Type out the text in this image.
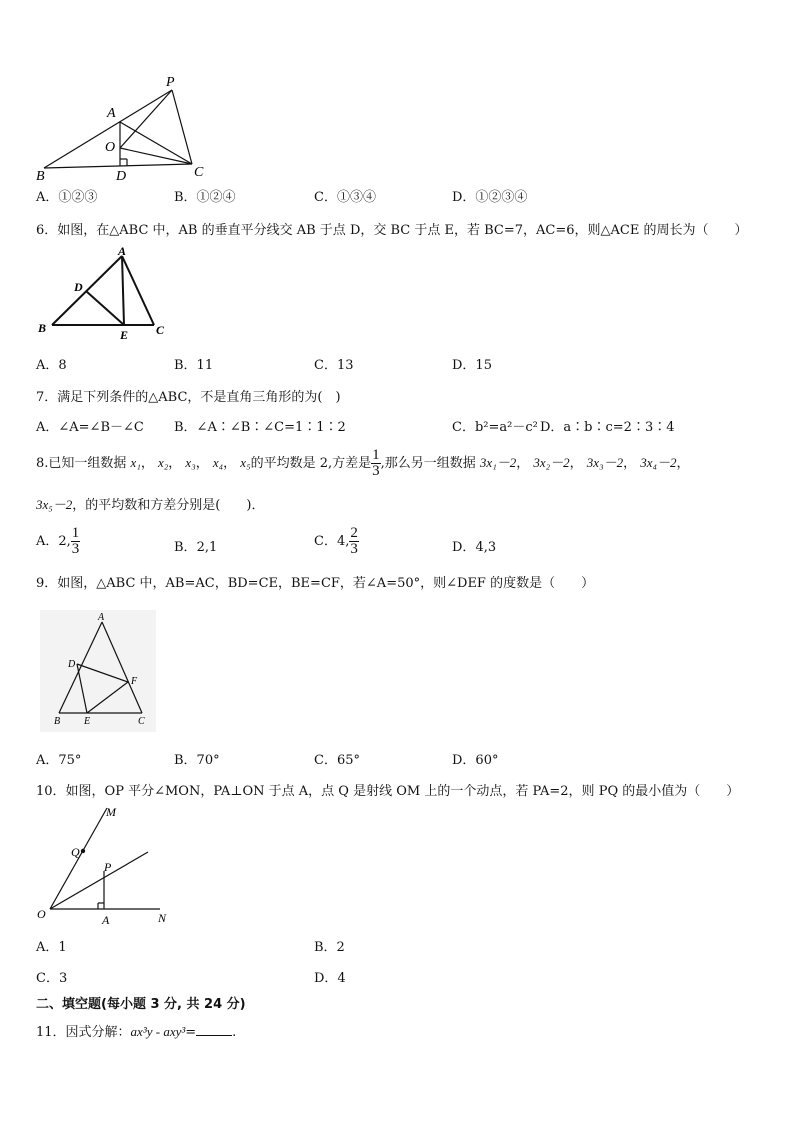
P
A
O
B	D	C
A．①②③	B．①②④	C．①③④	D．①②③④
6．如图，在△ABC 中，AB 的垂直平分线交 AB 于点 D，交 BC 于点 E，若 BC=7，AC=6，则△ACE 的周长为（　　）
A
D
B	E C
A．8	B．11	C．13	D．15
7．满足下列条件的△ABC，不是直角三角形的为(　)
A．∠A=∠B－∠C B．∠A∶∠B∶∠C=1∶1∶2	C．b²=a²－c² D．a∶b∶c=2∶3∶4
8.已知一组数据 x₁， x₂， x₃， x₄， x₅的平均数是 2,方差是 $\frac{1}{3}$ ,那么另一组数据 3x₁－2， 3x₂－2， 3x₃－2， 3x₄－2，
3x₅－2，的平均数和方差分别是(　　)．
A．2, $\frac{1}{3}$	B．2,1	C．4, $\frac{2}{3}$	D．4,3
9．如图，△ABC 中，AB=AC，BD=CE，BE=CF，若∠A=50°，则∠DEF 的度数是（　　）
A
D
F
B E	C
A．75°	B．70°	C．65°	D．60°
10．如图，OP 平分∠MON，PA⊥ON 于点 A，点 Q 是射线 OM 上的一个动点，若 PA=2，则 PQ 的最小值为（　　）
M
Q
P
O	A	N
A．1	B．2
C．3	D．4
二、填空题(每小题 3 分, 共 24 分)
11．因式分解：ax³y - axy³=	.
